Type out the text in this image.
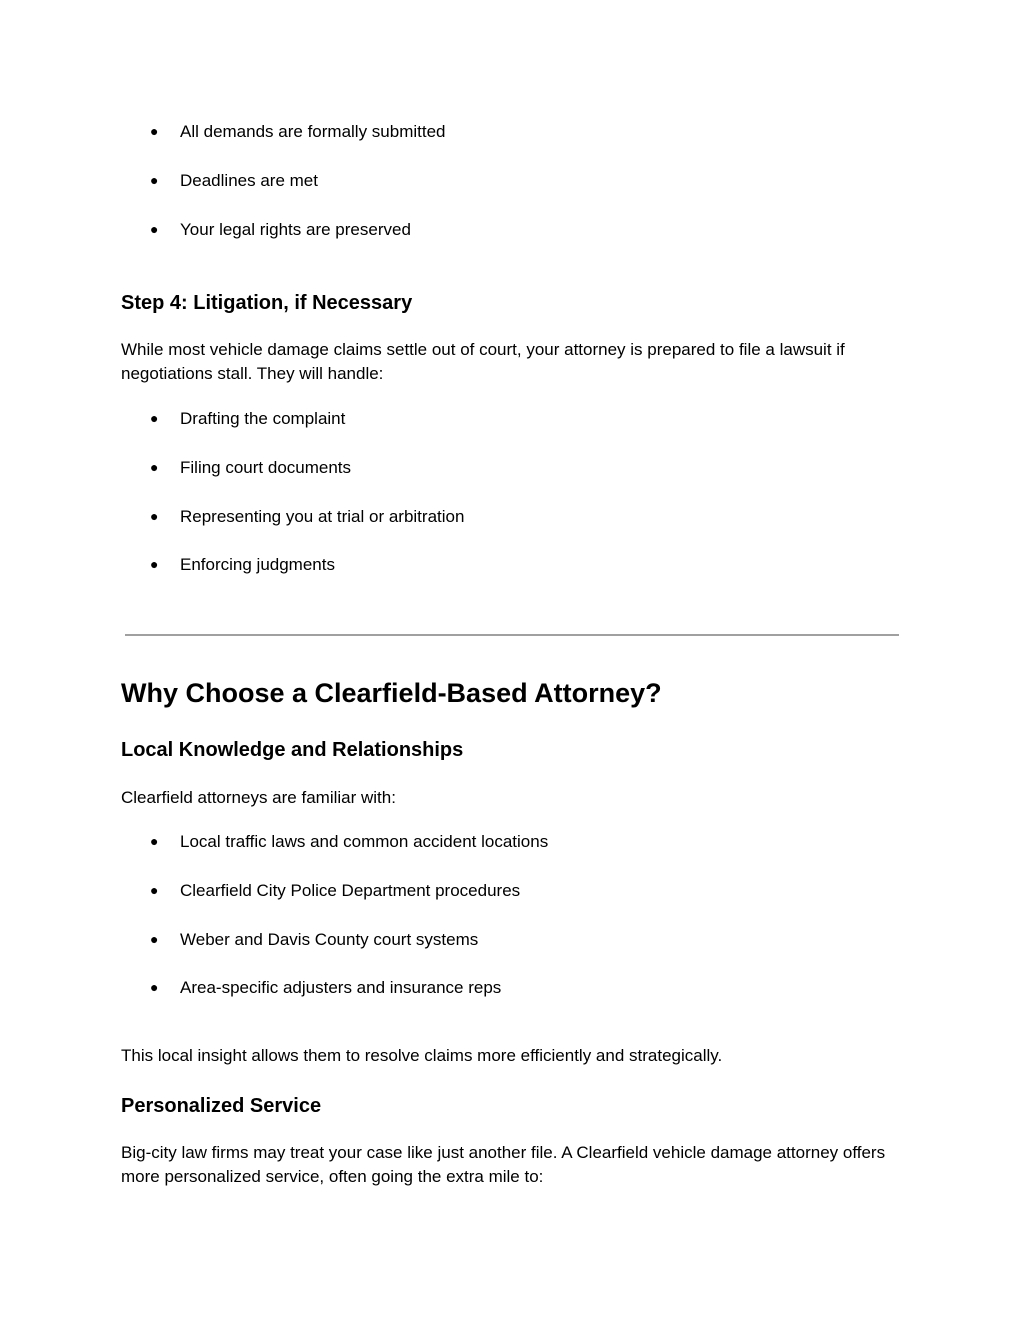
● All demands are formally submitted
● Deadlines are met
● Your legal rights are preserved
Step 4: Litigation, if Necessary
While most vehicle damage claims settle out of court, your attorney is prepared to file a lawsuit if negotiations stall. They will handle:
● Drafting the complaint
● Filing court documents
● Representing you at trial or arbitration
● Enforcing judgments
Why Choose a Clearfield-Based Attorney?
Local Knowledge and Relationships
Clearfield attorneys are familiar with:
● Local traffic laws and common accident locations
● Clearfield City Police Department procedures
● Weber and Davis County court systems
● Area-specific adjusters and insurance reps
This local insight allows them to resolve claims more efficiently and strategically.
Personalized Service
Big-city law firms may treat your case like just another file. A Clearfield vehicle damage attorney offers more personalized service, often going the extra mile to:
